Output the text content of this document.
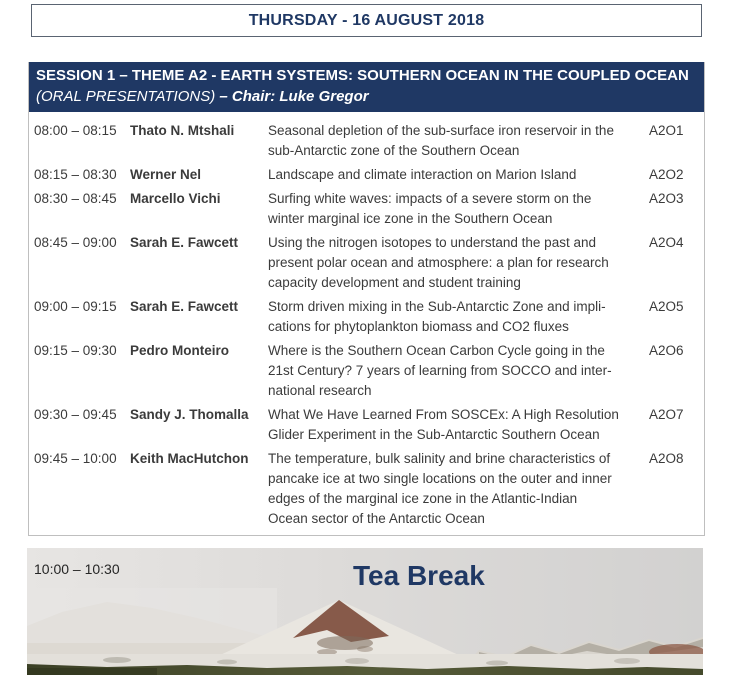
THURSDAY - 16 AUGUST 2018
SESSION 1 – THEME A2 - EARTH SYSTEMS: SOUTHERN OCEAN IN THE COUPLED OCEAN
(ORAL PRESENTATIONS) – Chair: Luke Gregor
08:00 – 08:15 Thato N. Mtshali	Seasonal depletion of the sub-surface iron reservoir in the
sub-Antarctic zone of the Southern Ocean
A2O1
08:15 – 08:30 Werner Nel	Landscape and climate interaction on Marion Island	A2O2
08:30 – 08:45 Marcello Vichi	Surfing white waves: impacts of a severe storm on the
winter marginal ice zone in the Southern Ocean
A2O3
08:45 – 09:00 Sarah E. Fawcett	Using the nitrogen isotopes to understand the past and
present polar ocean and atmosphere: a plan for research
capacity development and student training
A2O4
09:00 – 09:15 Sarah E. Fawcett	Storm driven mixing in the Sub-Antarctic Zone and impli-
cations for phytoplankton biomass and CO2 fluxes
A2O5
09:15 – 09:30 Pedro Monteiro	Where is the Southern Ocean Carbon Cycle going in the
21st Century? 7 years of learning from SOCCO and inter-
national research
A2O6
09:30 – 09:45 Sandy J. Thomalla	What We Have Learned From SOSCEx: A High Resolution
Glider Experiment in the Sub-Antarctic Southern Ocean
A2O7
09:45 – 10:00 Keith MacHutchon	The temperature, bulk salinity and brine characteristics of
pancake ice at two single locations on the outer and inner
edges of the marginal ice zone in the Atlantic-Indian
Ocean sector of the Antarctic Ocean
A2O8
10:00 – 10:30	Tea Break
